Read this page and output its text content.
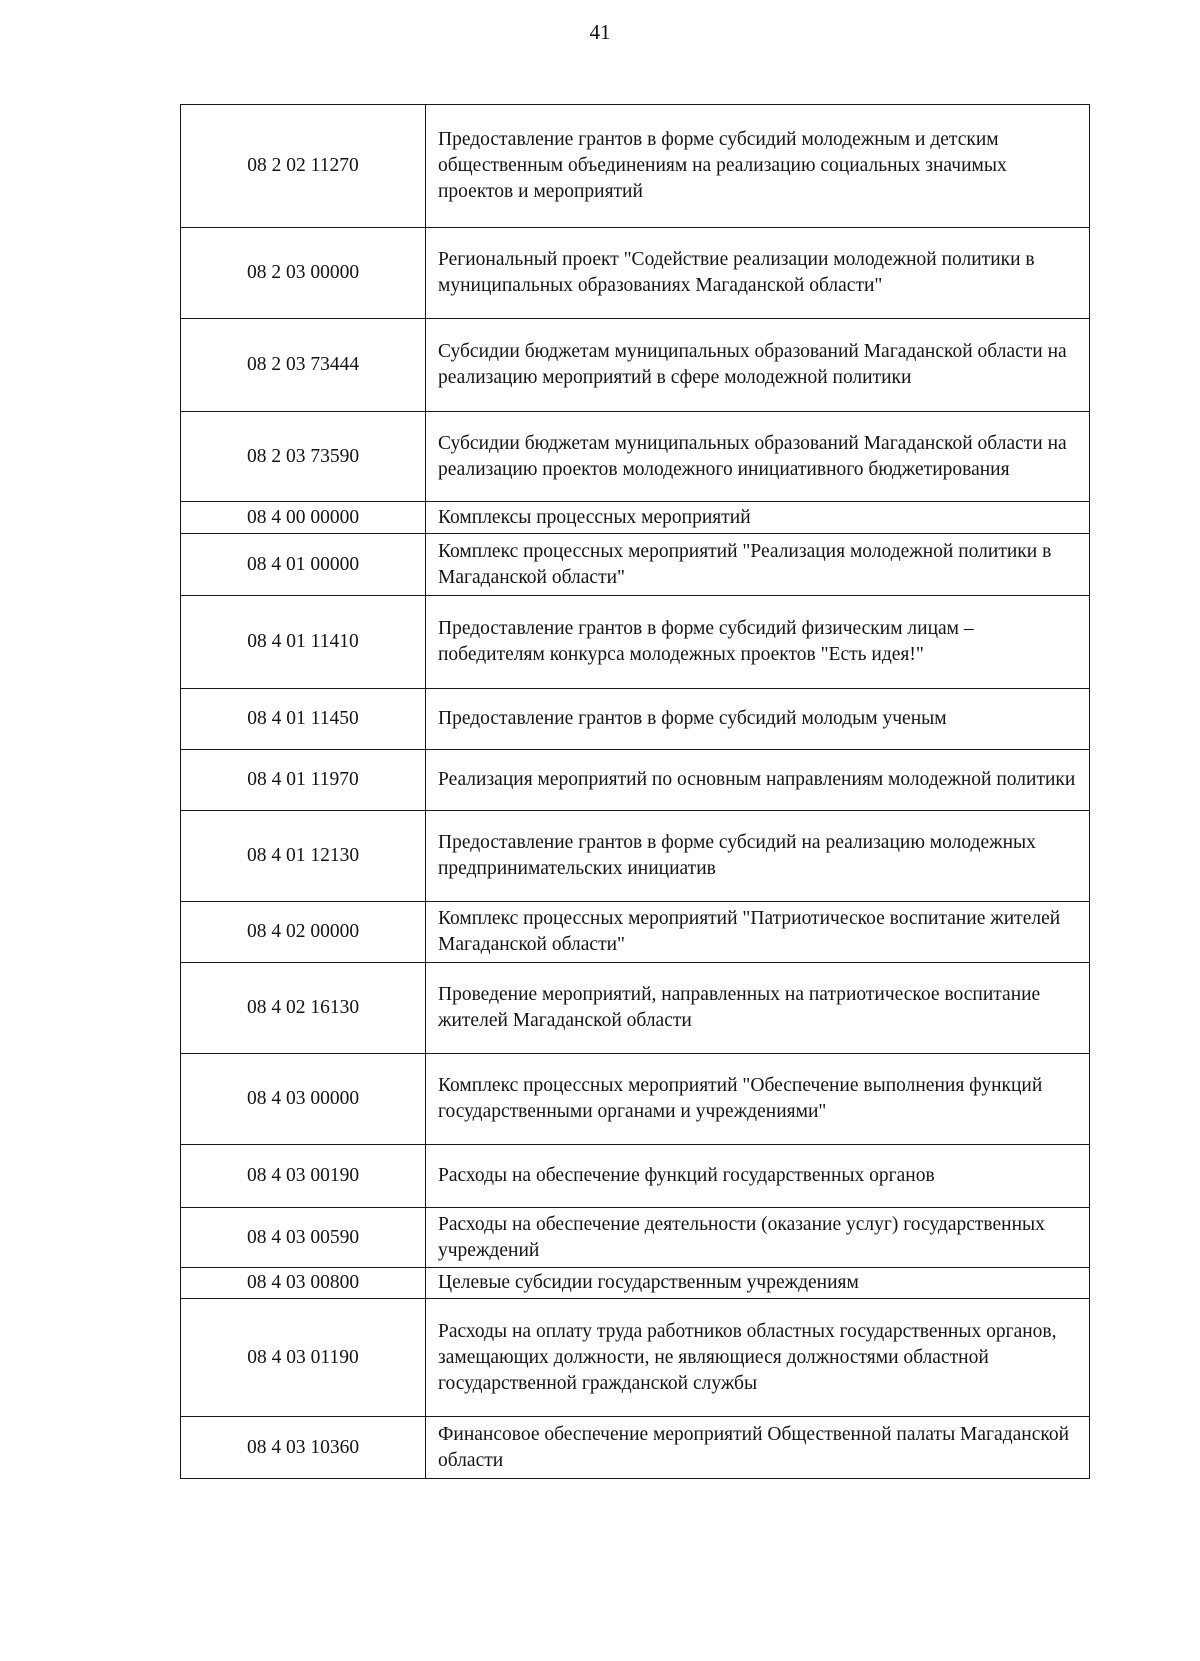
41
08 2 02 11270	Предоставление грантов в форме субсидий молодежным и детским общественным объединениям на реализацию социальных значимых проектов и мероприятий
08 2 03 00000	Региональный проект "Содействие реализации молодежной политики в муниципальных образованиях Магаданской области"
08 2 03 73444	Субсидии бюджетам муниципальных образований Магаданской области на реализацию мероприятий в сфере молодежной политики
08 2 03 73590	Субсидии бюджетам муниципальных образований Магаданской области на реализацию проектов молодежного инициативного бюджетирования
08 4 00 00000	Комплексы процессных мероприятий
08 4 01 00000	Комплекс процессных мероприятий "Реализация молодежной политики в Магаданской области"
08 4 01 11410	Предоставление грантов в форме субсидий физическим лицам – победителям конкурса молодежных проектов "Есть идея!"
08 4 01 11450	Предоставление грантов в форме субсидий молодым ученым
08 4 01 11970	Реализация мероприятий по основным направлениям молодежной политики
08 4 01 12130	Предоставление грантов в форме субсидий на реализацию молодежных предпринимательских инициатив
08 4 02 00000	Комплекс процессных мероприятий "Патриотическое воспитание жителей Магаданской области"
08 4 02 16130	Проведение мероприятий, направленных на патриотическое воспитание жителей Магаданской области
08 4 03 00000	Комплекс процессных мероприятий "Обеспечение выполнения функций государственными органами и учреждениями"
08 4 03 00190	Расходы на обеспечение функций государственных органов
08 4 03 00590	Расходы на обеспечение деятельности (оказание услуг) государственных учреждений
08 4 03 00800	Целевые субсидии государственным учреждениям
08 4 03 01190	Расходы на оплату труда работников областных государственных органов, замещающих должности, не являющиеся должностями областной государственной гражданской службы
08 4 03 10360	Финансовое обеспечение мероприятий Общественной палаты Магаданской области
